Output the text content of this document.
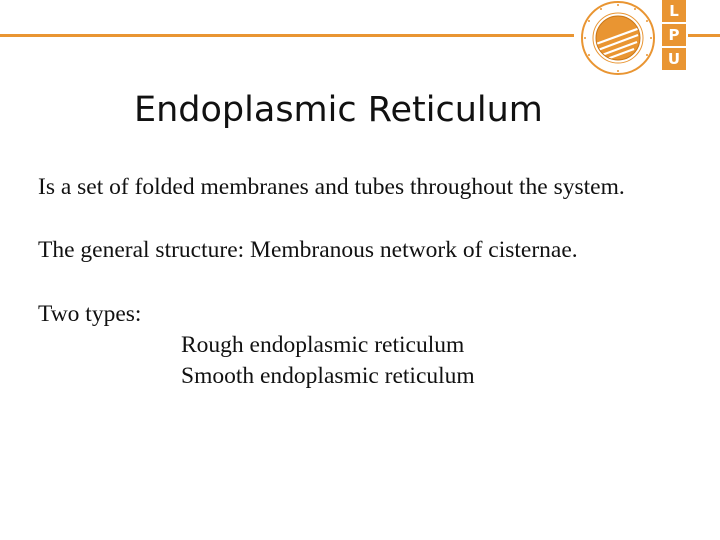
L
P
U
Endoplasmic Reticulum
Is a set of folded membranes and tubes throughout the system.
The general structure: Membranous network of cisternae.
Two types:
Rough endoplasmic reticulum
Smooth endoplasmic reticulum
